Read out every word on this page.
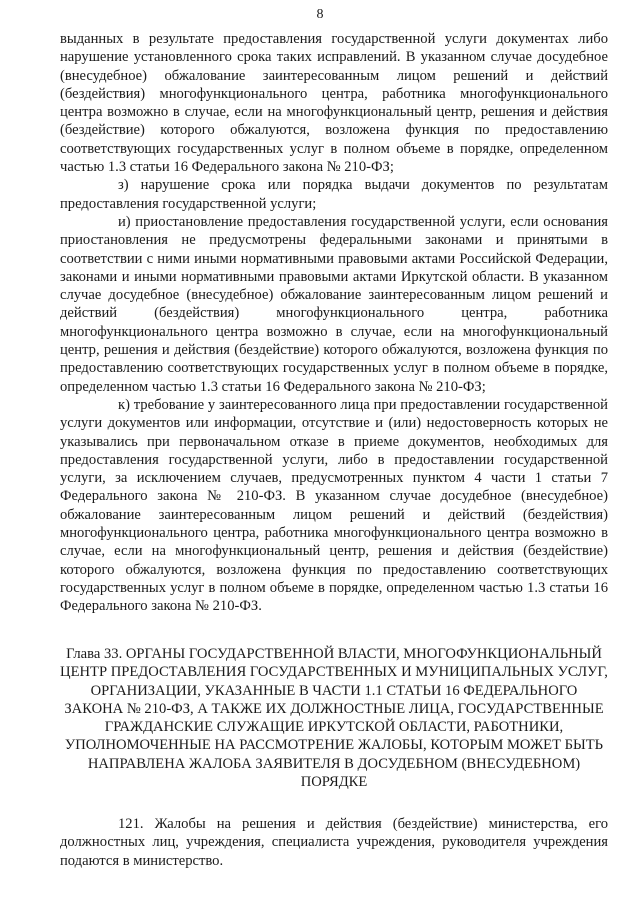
8

выданных в результате предоставления государственной услуги документах либо нарушение установленного срока таких исправлений. В указанном случае досудебное (внесудебное) обжалование заинтересованным лицом решений и действий (бездействия) многофункционального центра, работника многофункционального центра возможно в случае, если на многофункциональный центр, решения и действия (бездействие) которого обжалуются, возложена функция по предоставлению соответствующих государственных услуг в полном объеме в порядке, определенном частью 1.3 статьи 16 Федерального закона № 210-ФЗ;

з) нарушение срока или порядка выдачи документов по результатам предоставления государственной услуги;

и) приостановление предоставления государственной услуги, если основания приостановления не предусмотрены федеральными законами и принятыми в соответствии с ними иными нормативными правовыми актами Российской Федерации, законами и иными нормативными правовыми актами Иркутской области. В указанном случае досудебное (внесудебное) обжалование заинтересованным лицом решений и действий (бездействия) многофункционального центра, работника многофункционального центра возможно в случае, если на многофункциональный центр, решения и действия (бездействие) которого обжалуются, возложена функция по предоставлению соответствующих государственных услуг в полном объеме в порядке, определенном частью 1.3 статьи 16 Федерального закона № 210-ФЗ;

к) требование у заинтересованного лица при предоставлении государственной услуги документов или информации, отсутствие и (или) недостоверность которых не указывались при первоначальном отказе в приеме документов, необходимых для предоставления государственной услуги, либо в предоставлении государственной услуги, за исключением случаев, предусмотренных пунктом 4 части 1 статьи 7 Федерального закона № 210-ФЗ. В указанном случае досудебное (внесудебное) обжалование заинтересованным лицом решений и действий (бездействия) многофункционального центра, работника многофункционального центра возможно в случае, если на многофункциональный центр, решения и действия (бездействие) которого обжалуются, возложена функция по предоставлению соответствующих государственных услуг в полном объеме в порядке, определенном частью 1.3 статьи 16 Федерального закона № 210-ФЗ.

Глава 33. ОРГАНЫ ГОСУДАРСТВЕННОЙ ВЛАСТИ, МНОГОФУНКЦИОНАЛЬНЫЙ ЦЕНТР ПРЕДОСТАВЛЕНИЯ ГОСУДАРСТВЕННЫХ И МУНИЦИПАЛЬНЫХ УСЛУГ, ОРГАНИЗАЦИИ, УКАЗАННЫЕ В ЧАСТИ 1.1 СТАТЬИ 16 ФЕДЕРАЛЬНОГО ЗАКОНА № 210-ФЗ, А ТАКЖЕ ИХ ДОЛЖНОСТНЫЕ ЛИЦА, ГОСУДАРСТВЕННЫЕ ГРАЖДАНСКИЕ СЛУЖАЩИЕ ИРКУТСКОЙ ОБЛАСТИ, РАБОТНИКИ, УПОЛНОМОЧЕННЫЕ НА РАССМОТРЕНИЕ ЖАЛОБЫ, КОТОРЫМ МОЖЕТ БЫТЬ НАПРАВЛЕНА ЖАЛОБА ЗАЯВИТЕЛЯ В ДОСУДЕБНОМ (ВНЕСУДЕБНОМ) ПОРЯДКЕ

121. Жалобы на решения и действия (бездействие) министерства, его должностных лиц, учреждения, специалиста учреждения, руководителя учреждения подаются в министерство.
